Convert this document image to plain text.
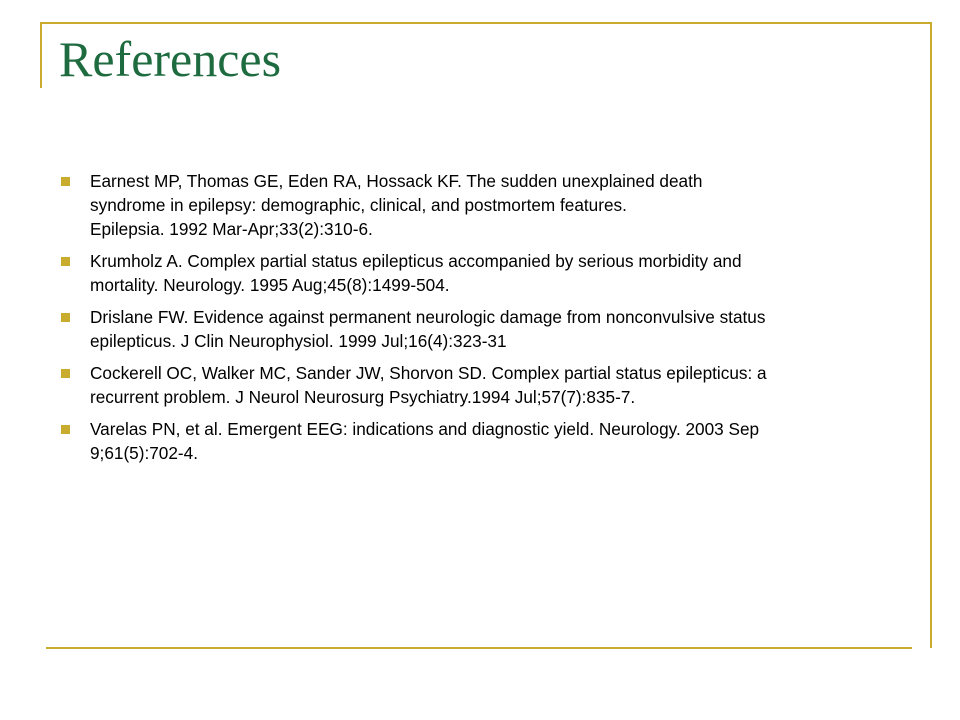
References
Earnest MP, Thomas GE, Eden RA, Hossack KF. The sudden unexplained death
syndrome in epilepsy: demographic, clinical, and postmortem features.
Epilepsia. 1992 Mar-Apr;33(2):310-6.
Krumholz A. Complex partial status epilepticus accompanied by serious morbidity and
mortality. Neurology. 1995 Aug;45(8):1499-504.
Drislane FW. Evidence against permanent neurologic damage from nonconvulsive status
epilepticus. J Clin Neurophysiol. 1999 Jul;16(4):323-31
Cockerell OC, Walker MC, Sander JW, Shorvon SD. Complex partial status epilepticus: a
recurrent problem. J Neurol Neurosurg Psychiatry.1994 Jul;57(7):835-7.
Varelas PN, et al. Emergent EEG: indications and diagnostic yield. Neurology. 2003 Sep
9;61(5):702-4.
